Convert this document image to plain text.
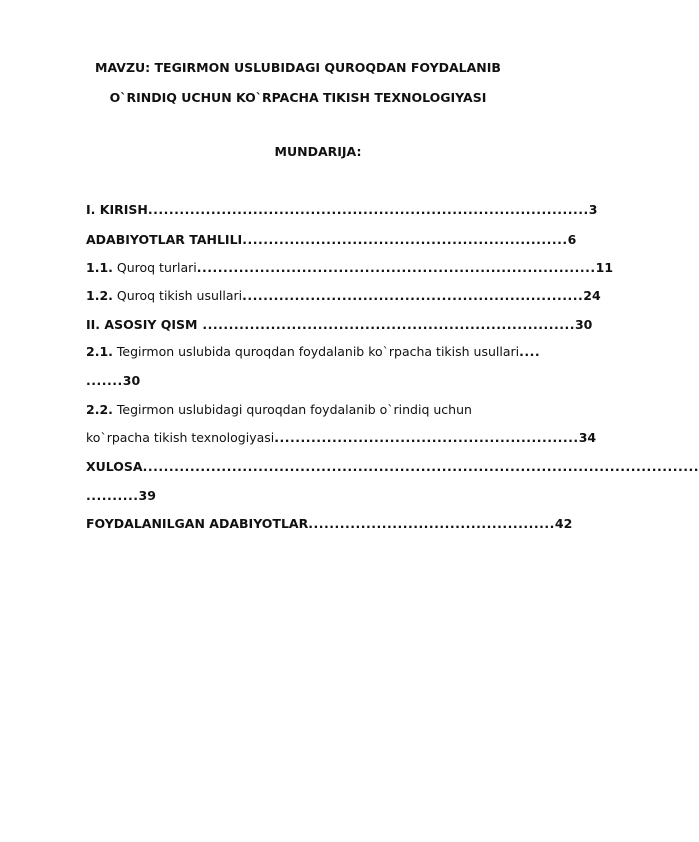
MAVZU: TEGIRMON USLUBIDAGI QUROQDAN FOYDALANIB
O`RINDIQ UCHUN KO`RPACHA TIKISH TEXNOLOGIYASI
MUNDARIJA:
I. KIRISH....................................................................................3
ADABIYOTLAR TAHLILI..............................................................6
1.1. Quroq turlari............................................................................11
1.2. Quroq tikish usullari.................................................................24
II. ASOSIY QISM .......................................................................30
2.1. Tegirmon uslubida quroqdan foydalanib ko`rpacha tikish usullari....
.......30
2.2. Tegirmon uslubidagi quroqdan foydalanib o`rindiq uchun
ko`rpacha tikish texnologiyasi..........................................................34
XULOSA..........................................................................................................
..........39
FOYDALANILGAN ADABIYOTLAR...............................................42
